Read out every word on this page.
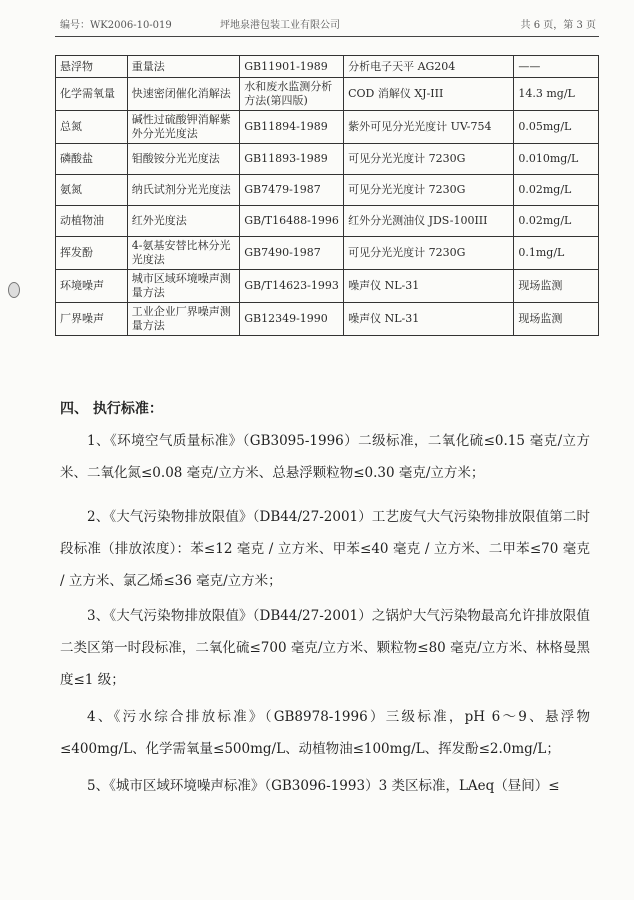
编号：WK2006-10-019	坪地泉港包装工业有限公司	共 6 页，第 3 页
悬浮物	重量法	GB11901-1989	分析电子天平 AG204	——
化学需氧量	快速密闭催化消解法	水和废水监测分析方法(第四版)	COD 消解仪 XJ-III	14.3 mg/L
总氮	碱性过硫酸钾消解紫外分光光度法	GB11894-1989	紫外可见分光光度计 UV-754	0.05mg/L
磷酸盐	钼酸铵分光光度法	GB11893-1989	可见分光光度计 7230G	0.010mg/L
氨氮	纳氏试剂分光光度法	GB7479-1987	可见分光光度计 7230G	0.02mg/L
动植物油	红外光度法	GB/T16488-1996	红外分光测油仪 JDS-100III	0.02mg/L
挥发酚	4-氨基安替比林分光光度法	GB7490-1987	可见分光光度计 7230G	0.1mg/L
环境噪声	城市区域环境噪声测量方法	GB/T14623-1993	噪声仪 NL-31	现场监测
厂界噪声	工业企业厂界噪声测量方法	GB12349-1990	噪声仪 NL-31	现场监测
四、 执行标准：
1、《环境空气质量标准》（GB3095-1996）二级标准，二氧化硫≤0.15 毫克/立方米、二氧化氮≤0.08 毫克/立方米、总悬浮颗粒物≤0.30 毫克/立方米；
2、《大气污染物排放限值》（DB44/27-2001）工艺废气大气污染物排放限值第二时段标准（排放浓度）：苯≤12 毫克 / 立方米、甲苯≤40 毫克 / 立方米、二甲苯≤70 毫克 / 立方米、氯乙烯≤36 毫克/立方米；
3、《大气污染物排放限值》（DB44/27-2001）之锅炉大气污染物最高允许排放限值二类区第一时段标准，二氧化硫≤700 毫克/立方米、颗粒物≤80 毫克/立方米、林格曼黑度≤1 级；
4、《污水综合排放标准》（GB8978-1996）三级标准，pH 6～9、悬浮物≤400mg/L、化学需氧量≤500mg/L、动植物油≤100mg/L、挥发酚≤2.0mg/L；
5、《城市区域环境噪声标准》（GB3096-1993）3 类区标准，LAeq（昼间）≤
